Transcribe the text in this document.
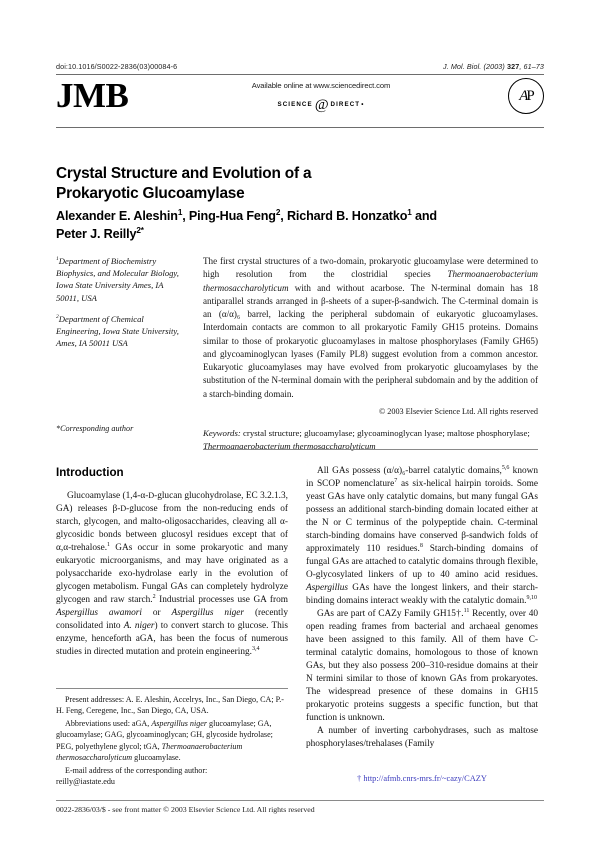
doi:10.1016/S0022-2836(03)00084-6	J. Mol. Biol. (2003) 327, 61–73
JMB	Available online at www.sciencedirect.com
SCIENCE @ DIRECT •
AP
Crystal Structure and Evolution of a
Prokaryotic Glucoamylase
Alexander E. Aleshin$^1$, Ping-Hua Feng$^2$, Richard B. Honzatko$^1$ and
Peter J. Reilly$^{2*}$

$^1$Department of Biochemistry Biophysics, and Molecular Biology, Iowa State University Ames, IA 50011, USA

$^2$Department of Chemical Engineering, Iowa State University, Ames, IA 50011 USA

The first crystal structures of a two-domain, prokaryotic glucoamylase were determined to high resolution from the clostridial species Thermoanaerobacterium thermosaccharolyticum with and without acarbose. The N-terminal domain has 18 antiparallel strands arranged in β-sheets of a super-β-sandwich. The C-terminal domain is an (α/α)₆ barrel, lacking the peripheral subdomain of eukaryotic glucoamylases. Interdomain contacts are common to all prokaryotic Family GH15 proteins. Domains similar to those of prokaryotic glucoamylases in maltose phosphorylases (Family GH65) and glycoaminoglycan lyases (Family PL8) suggest evolution from a common ancestor. Eukaryotic glucoamylases may have evolved from prokaryotic glucoamylases by the substitution of the N-terminal domain with the peripheral subdomain and by the addition of a starch-binding domain.

© 2003 Elsevier Science Ltd. All rights reserved
Keywords: crystal structure; glucoamylase; glycoaminoglycan lyase; maltose phosphorylase; Thermoanaerobacterium thermosaccharolyticum
*Corresponding author
Introduction

Glucoamylase (1,4-α-D-glucan glucohydrolase, EC 3.2.1.3, GA) releases β-D-glucose from the non-reducing ends of starch, glycogen, and malto-oligosaccharides, cleaving all α-glycosidic bonds between glucosyl residues except that of α,α-trehalose.$^1$ GAs occur in some prokaryotic and many eukaryotic microorganisms, and may have originated as a polysaccharide exo-hydrolase early in the evolution of glycogen metabolism. Fungal GAs can completely hydrolyze glycogen and raw starch.$^2$ Industrial processes use GA from Aspergillus awamori or Aspergillus niger (recently consolidated into A. niger) to convert starch to glucose. This enzyme, henceforth aGA, has been the focus of numerous studies in directed mutation and protein engineering.$^{3,4}$

All GAs possess (α/α)₆-barrel catalytic domains,$^{5,6}$ known in SCOP nomenclature$^7$ as six-helical hairpin toroids. Some yeast GAs have only catalytic domains, but many fungal GAs possess an additional starch-binding domain located either at the N or C terminus of the polypeptide chain. C-terminal starch-binding domains have conserved β-sandwich folds of approximately 110 residues.$^8$ Starch-binding domains of fungal GAs are attached to catalytic domains through flexible, O-glycosylated linkers of up to 40 amino acid residues. Aspergillus GAs have the longest linkers, and their starch-binding domains interact weakly with the catalytic domain.$^{9,10}$

GAs are part of CAZy Family GH15†.$^{11}$ Recently, over 40 open reading frames from bacterial and archaeal genomes have been assigned to this family. All of them have C-terminal catalytic domains, homologous to those of known GAs, but they also possess 200–310-residue domains at their N termini similar to those of known GAs from prokaryotes. The widespread presence of these domains in GH15 prokaryotic proteins suggests a specific function, but that function is unknown.

A number of inverting carbohydrases, such as maltose phosphorylases/trehalases (Family

Present addresses: A. E. Aleshin, Accelrys, Inc., San Diego, CA; P.-H. Feng, Ceregene, Inc., San Diego, CA, USA.

Abbreviations used: aGA, Aspergillus niger glucoamylase; GA, glucoamylase; GAG, glycoaminoglycan; GH, glycoside hydrolase; PEG, polyethylene glycol; tGA, Thermoanaerobacterium thermosaccharolyticum glucoamylase.

E-mail address of the corresponding author:
reilly@iastate.edu	† http://afmb.cnrs-mrs.fr/~cazy/CAZY
0022-2836/03/$ - see front matter © 2003 Elsevier Science Ltd. All rights reserved
